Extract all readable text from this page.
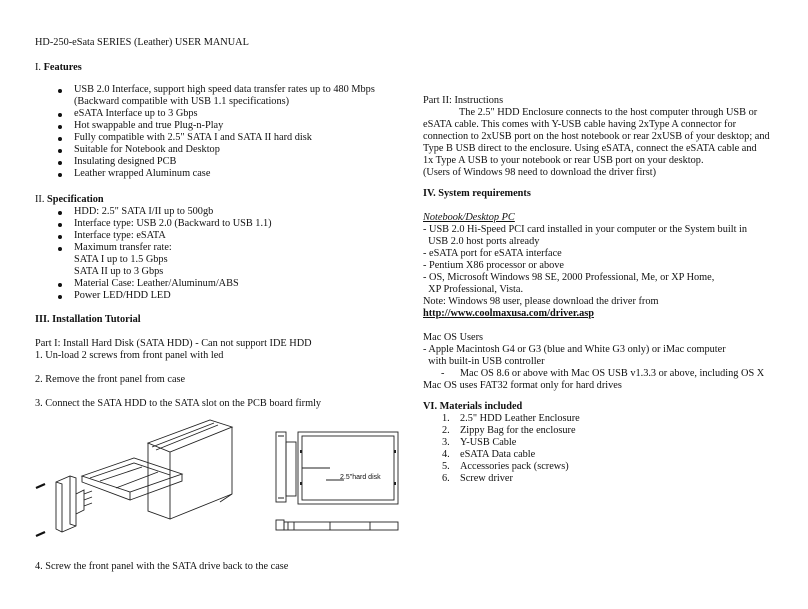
HD-250-eSata SERIES (Leather) USER MANUAL
I. Features
USB 2.0 Interface, support high speed data transfer rates up to 480 Mbps
(Backward compatible with USB 1.1 specifications)
eSATA Interface up to 3 Gbps
Hot swappable and true Plug-n-Play
Fully compatible with 2.5" SATA I and SATA II hard disk
Suitable for Notebook and Desktop
Insulating designed PCB
Leather wrapped Aluminum case
II. Specification
HDD: 2.5" SATA I/II up to 500gb
Interface type: USB 2.0 (Backward to USB 1.1)
Interface type: eSATA
Maximum transfer rate:
SATA I up to 1.5 Gbps
SATA II up to 3 Gbps
Material Case: Leather/Aluminum/ABS
Power LED/HDD LED
III. Installation Tutorial
Part I: Install Hard Disk (SATA HDD) - Can not support IDE HDD
1. Un-load 2 screws from front panel with led
2. Remove the front panel from case
3. Connect the SATA HDD to the SATA slot on the PCB board firmly
2.5"hard disk
4. Screw the front panel with the SATA drive back to the case
Part II: Instructions
The 2.5" HDD Enclosure connects to the host computer through USB or
eSATA cable. This comes with Y-USB cable having 2xType A connector for
connection to 2xUSB port on the host notebook or rear 2xUSB of your desktop; and
Type B USB direct to the enclosure. Using eSATA, connect the eSATA cable and
1x Type A USB to your notebook or rear USB port on your desktop.
(Users of Windows 98 need to download the driver first)
IV. System requirements
Notebook/Desktop PC
- USB 2.0 Hi-Speed PCI card installed in your computer or the System built in
USB 2.0 host ports already
- eSATA port for eSATA interface
- Pentium X86 processor or above
- OS, Microsoft Windows 98 SE, 2000 Professional, Me, or XP Home,
XP Professional, Vista.
Note: Windows 98 user, please download the driver from
http://www.coolmaxusa.com/driver.asp
Mac OS Users
- Apple Macintosh G4 or G3 (blue and White G3 only) or iMac computer
with built-in USB controller
-      Mac OS 8.6 or above with Mac OS USB v1.3.3 or above, including OS X
Mac OS uses FAT32 format only for hard drives
VI. Materials included
1. 2.5" HDD Leather Enclosure
2. Zippy Bag for the enclosure
3. Y-USB Cable
4. eSATA Data cable
5. Accessories pack (screws)
6. Screw driver
